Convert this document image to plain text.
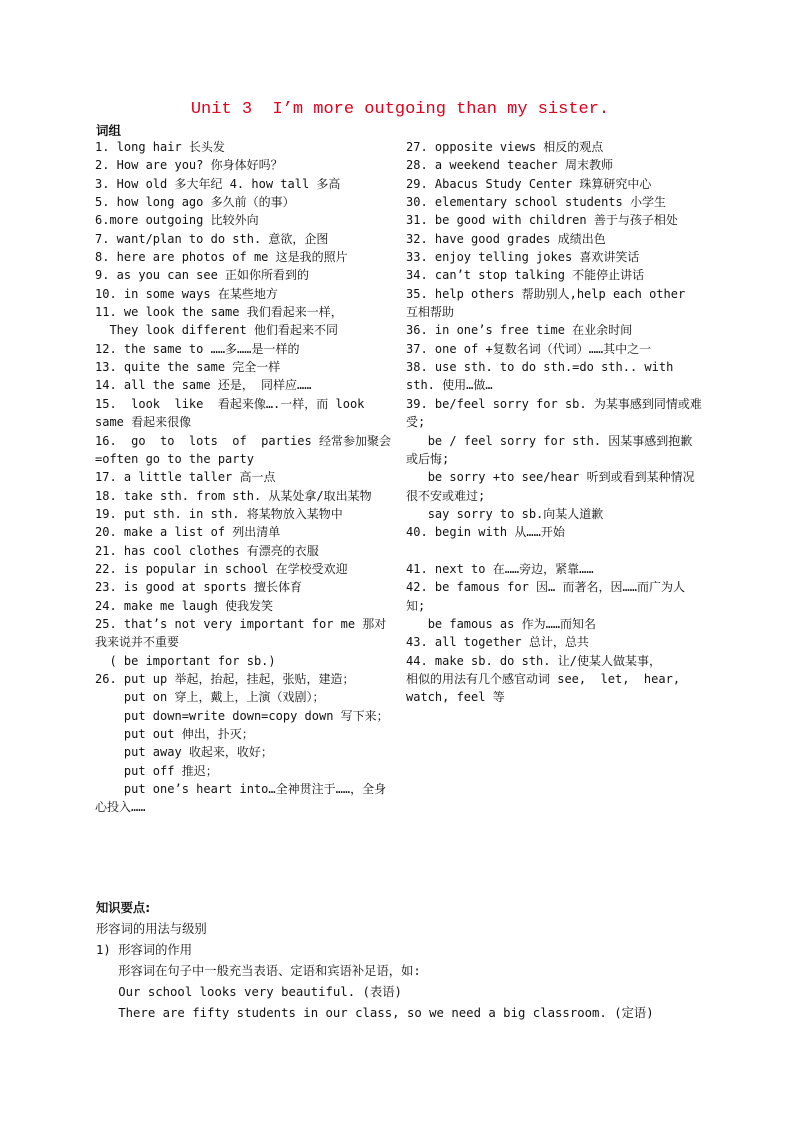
Unit 3  I’m more outgoing than my sister.
词组
1. long hair 长头发
2. How are you? 你身体好吗？
3. How old 多大年纪 4. how tall 多高
5. how long ago 多久前（的事）
6.more outgoing 比较外向
7. want/plan to do sth. 意欲，企图
8. here are photos of me 这是我的照片
9. as you can see 正如你所看到的
10. in some ways 在某些地方
11. we look the same 我们看起来一样，
They look different 他们看起来不同
12. the same to ……多……是一样的
13. quite the same 完全一样
14. all the same 还是， 同样应……
15.  look  like  看起来像….一样，而 look same 看起来很像
16.  go  to  lots  of  parties 经常参加聚会 =often go to the party
17. a little taller 高一点
18. take sth. from sth. 从某处拿/取出某物
19. put sth. in sth. 将某物放入某物中
20. make a list of 列出清单
21. has cool clothes 有漂亮的衣服
22. is popular in school 在学校受欢迎
23. is good at sports 擅长体育
24. make me laugh 使我发笑
25. that’s not very important for me 那对我来说并不重要
( be important for sb.)
26. put up 举起，抬起，挂起，张贴，建造；
put on 穿上，戴上，上演（戏剧）；
put down=write down=copy down 写下来；
put out 伸出，扑灭；
put away 收起来，收好；
put off 推迟；
put one’s heart into…全神贯注于……，全身心投入……
27. opposite views 相反的观点
28. a weekend teacher 周末教师
29. Abacus Study Center 珠算研究中心
30. elementary school students 小学生
31. be good with children 善于与孩子相处
32. have good grades 成绩出色
33. enjoy telling jokes 喜欢讲笑话
34. can’t stop talking 不能停止讲话
35. help others 帮助别人,help each other 互相帮助
36. in one’s free time 在业余时间
37. one of +复数名词（代词）……其中之一
38. use sth. to do sth.=do sth.. with sth. 使用…做…
39. be/feel sorry for sb. 为某事感到同情或难受;
be / feel sorry for sth. 因某事感到抱歉或后悔;
be sorry +to see/hear 听到或看到某种情况很不安或难过;
say sorry to sb.向某人道歉
40. begin with 从……开始
41. next to 在……旁边，紧靠……
42. be famous for 因… 而著名，因……而广为人知;
be famous as 作为……而知名
43. all together 总计，总共
44. make sb. do sth. 让/使某人做某事，
相似的用法有几个感官动词 see,  let,  hear, watch, feel 等
知识要点:
形容词的用法与级别
1) 形容词的作用
形容词在句子中一般充当表语、定语和宾语补足语，如:
Our school looks very beautiful. (表语)
There are fifty students in our class, so we need a big classroom. (定语)
